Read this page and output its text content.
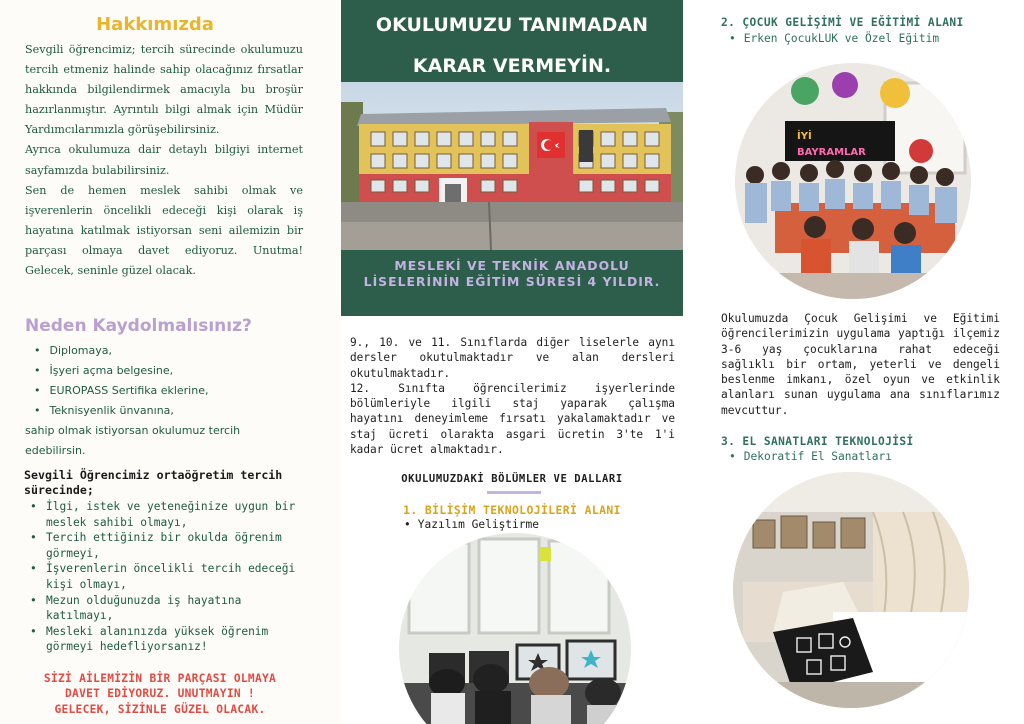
Hakkımızda

Sevgili öğrencimiz; tercih sürecinde okulumuzu tercih etmeniz halinde sahip olacağınız fırsatlar hakkında bilgilendirmek amacıyla bu broşür hazırlanmıştır. Ayrıntılı bilgi almak için Müdür Yardımcılarımızla görüşebilirsiniz.

Ayrıca okulumuza dair detaylı bilgiyi internet sayfamızda bulabilirsiniz.

Sen de hemen meslek sahibi olmak ve işverenlerin öncelikli edeceği kişi olarak iş hayatına katılmak istiyorsan seni ailemizin bir parçası olmaya davet ediyoruz. Unutma! Gelecek, seninle güzel olacak.

Neden Kaydolmalısınız?
• Diplomaya,
• İşyeri açma belgesine,
• EUROPASS Sertifika eklerine,
• Teknisyenlik ünvanına,

sahip olmak istiyorsan okulumuz tercih edebilirsin.

Sevgili Öğrencimiz ortaöğretim tercih sürecinde;
• İlgi, istek ve yeteneğinize uygun bir meslek sahibi olmayı,
• Tercih ettiğiniz bir okulda öğrenim görmeyi,
• İşverenlerin öncelikli tercih edeceği kişi olmayı,
• Mezun olduğunuzda iş hayatına katılmayı,
• Mesleki alanınızda yüksek öğrenim görmeyi hedefliyorsanız!
SİZİ AİLEMİZİN BİR PARÇASI OLMAYA
DAVET EDİYORUZ. UNUTMAYIN !
GELECEK, SİZİNLE GÜZEL OLACAK.
OKULUMUZU TANIMADAN
KARAR VERMEYİN.
MESLEKİ VE TEKNİK ANADOLU LİSELERİNİN EĞİTİM SÜRESİ 4 YILDIR.

9., 10. ve 11. Sınıflarda diğer liselerle aynı dersler okutulmaktadır ve alan dersleri okutulmaktadır.

12. Sınıfta öğrencilerimiz işyerlerinde bölümleriyle ilgili staj yaparak çalışma hayatını deneyimleme fırsatı yakalamaktadır ve staj ücreti olarakta asgari ücretin 3'te 1'i kadar ücret almaktadır.

OKULUMUZDAKİ BÖLÜMLER VE DALLARI
1. BİLİŞİM TEKNOLOJİLERİ ALANI
• Yazılım Geliştirme
2. ÇOCUK GELİŞİMİ VE EĞİTİMİ ALANI
• Erken ÇocukLUK ve Özel Eğitim
İYİ
BAYRAMLAR

Okulumuzda Çocuk Gelişimi ve Eğitimi öğrencilerimizin uygulama yaptığı ilçemiz 3-6 yaş çocuklarına rahat edeceği sağlıklı bir ortam, yeterli ve dengeli beslenme imkanı, özel oyun ve etkinlik alanları sunan uygulama ana sınıflarımız mevcuttur.

3. EL SANATLARI TEKNOLOJİSİ
• Dekoratif El Sanatları
